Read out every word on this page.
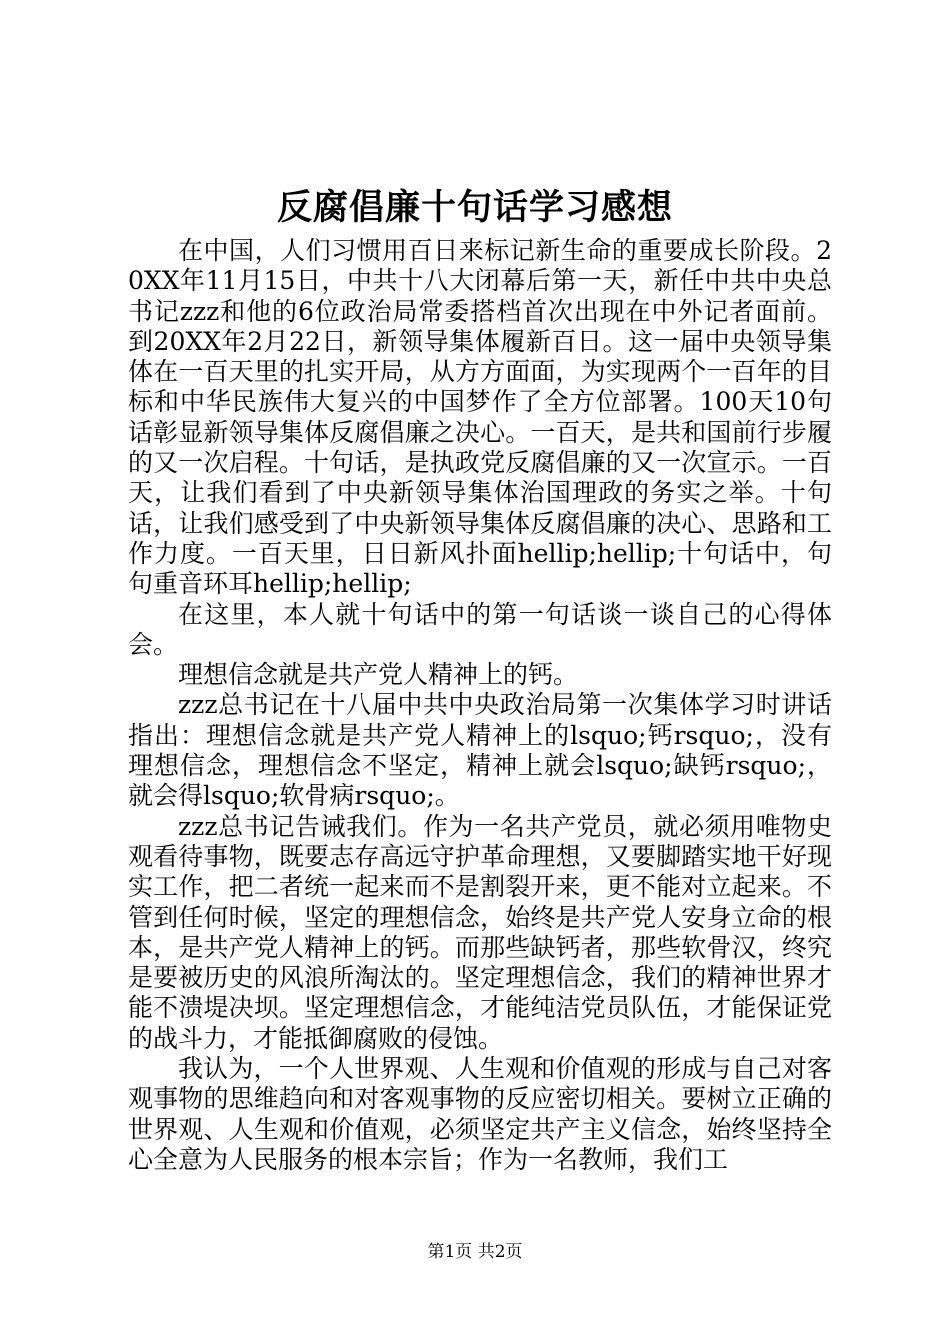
反腐倡廉十句话学习感想

在中国，人们习惯用百日来标记新生命的重要成长阶段。20XX年11月15日，中共十八大闭幕后第一天，新任中共中央总书记zzz和他的6位政治局常委搭档首次出现在中外记者面前。到20XX年2月22日，新领导集体履新百日。这一届中央领导集体在一百天里的扎实开局，从方方面面，为实现两个一百年的目标和中华民族伟大复兴的中国梦作了全方位部署。100天10句话彰显新领导集体反腐倡廉之决心。一百天，是共和国前行步履的又一次启程。十句话，是执政党反腐倡廉的又一次宣示。一百天，让我们看到了中央新领导集体治国理政的务实之举。十句话，让我们感受到了中央新领导集体反腐倡廉的决心、思路和工作力度。一百天里，日日新风扑面hellip;hellip;十句话中，句句重音环耳hellip;hellip;

在这里，本人就十句话中的第一句话谈一谈自己的心得体会。

理想信念就是共产党人精神上的钙。

zzz总书记在十八届中共中央政治局第一次集体学习时讲话指出：理想信念就是共产党人精神上的lsquo;钙rsquo;，没有理想信念，理想信念不坚定，精神上就会lsquo;缺钙rsquo;，就会得lsquo;软骨病rsquo;。

zzz总书记告诫我们。作为一名共产党员，就必须用唯物史观看待事物，既要志存高远守护革命理想，又要脚踏实地干好现实工作，把二者统一起来而不是割裂开来，更不能对立起来。不管到任何时候，坚定的理想信念，始终是共产党人安身立命的根本，是共产党人精神上的钙。而那些缺钙者，那些软骨汉，终究是要被历史的风浪所淘汰的。坚定理想信念，我们的精神世界才能不溃堤决坝。坚定理想信念，才能纯洁党员队伍，才能保证党的战斗力，才能抵御腐败的侵蚀。

我认为，一个人世界观、人生观和价值观的形成与自己对客观事物的思维趋向和对客观事物的反应密切相关。要树立正确的世界观、人生观和价值观，必须坚定共产主义信念，始终坚持全心全意为人民服务的根本宗旨；作为一名教师，我们工

第1页 共2页
